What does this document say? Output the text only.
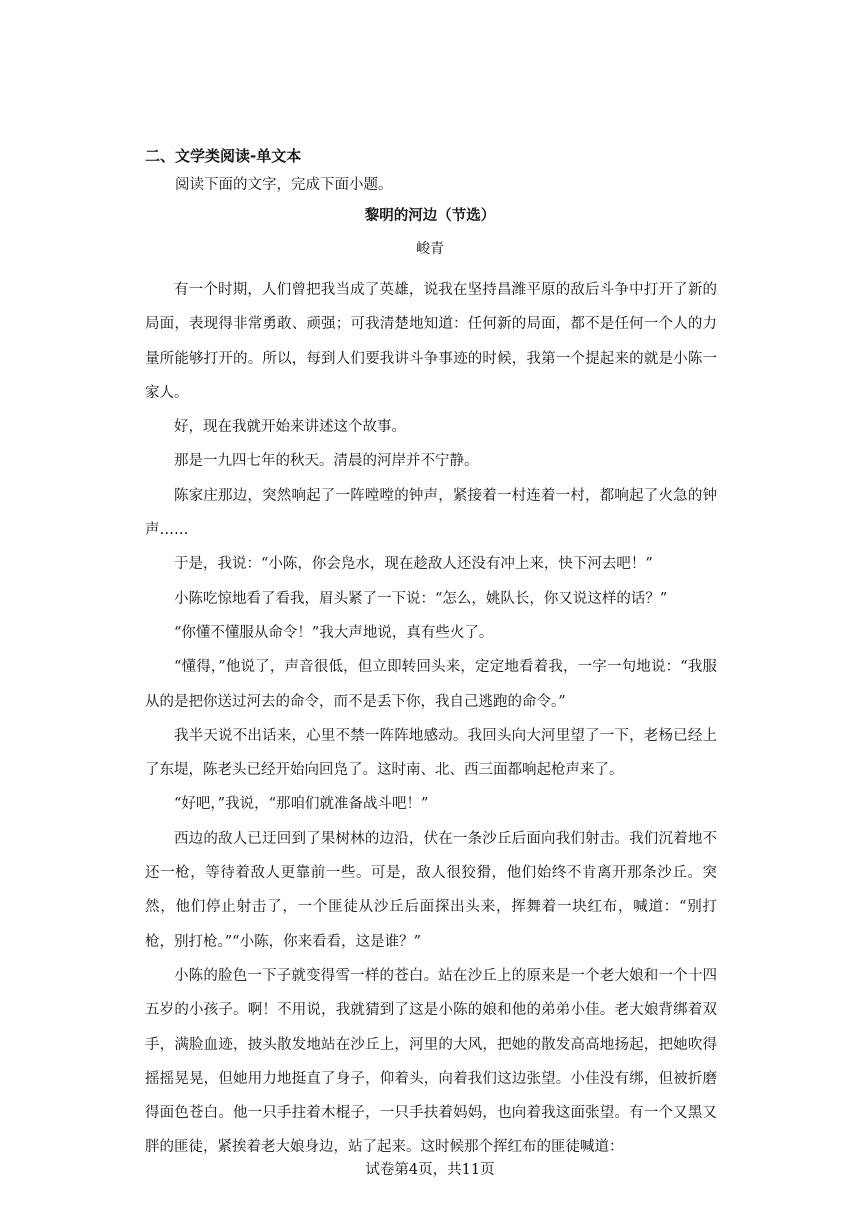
二、文学类阅读-单文本

阅读下面的文字，完成下面小题。

黎明的河边（节选）

峻青

有一个时期，人们曾把我当成了英雄，说我在坚持昌潍平原的敌后斗争中打开了新的局面，表现得非常勇敢、顽强；可我清楚地知道：任何新的局面，都不是任何一个人的力量所能够打开的。所以，每到人们要我讲斗争事迹的时候，我第一个提起来的就是小陈一家人。

好，现在我就开始来讲述这个故事。

那是一九四七年的秋天。清晨的河岸并不宁静。

陈家庄那边，突然响起了一阵嘡嘡的钟声，紧接着一村连着一村，都响起了火急的钟声……

于是，我说：“小陈，你会凫水，现在趁敌人还没有冲上来，快下河去吧！”

小陈吃惊地看了看我，眉头紧了一下说：“怎么，姚队长，你又说这样的话？”

“你懂不懂服从命令！”我大声地说，真有些火了。

“懂得，”他说了，声音很低，但立即转回头来，定定地看着我，一字一句地说：“我服从的是把你送过河去的命令，而不是丢下你，我自己逃跑的命令。”

我半天说不出话来，心里不禁一阵阵地感动。我回头向大河里望了一下，老杨已经上了东堤，陈老头已经开始向回凫了。这时南、北、西三面都响起枪声来了。

“好吧，”我说，“那咱们就准备战斗吧！”

西边的敌人已迂回到了果树林的边沿，伏在一条沙丘后面向我们射击。我们沉着地不还一枪，等待着敌人更靠前一些。可是，敌人很狡猾，他们始终不肯离开那条沙丘。突然，他们停止射击了，一个匪徒从沙丘后面探出头来，挥舞着一块红布，喊道：“别打枪，别打枪。”“小陈，你来看看，这是谁？”

小陈的脸色一下子就变得雪一样的苍白。站在沙丘上的原来是一个老大娘和一个十四五岁的小孩子。啊！不用说，我就猜到了这是小陈的娘和他的弟弟小佳。老大娘背绑着双手，满脸血迹，披头散发地站在沙丘上，河里的大风，把她的散发高高地扬起，把她吹得摇摇晃晃，但她用力地挺直了身子，仰着头，向着我们这边张望。小佳没有绑，但被折磨得面色苍白。他一只手拄着木棍子，一只手扶着妈妈，也向着我这面张望。有一个又黑又胖的匪徒，紧挨着老大娘身边，站了起来。这时候那个挥红布的匪徒喊道：

试卷第4页，共11页
